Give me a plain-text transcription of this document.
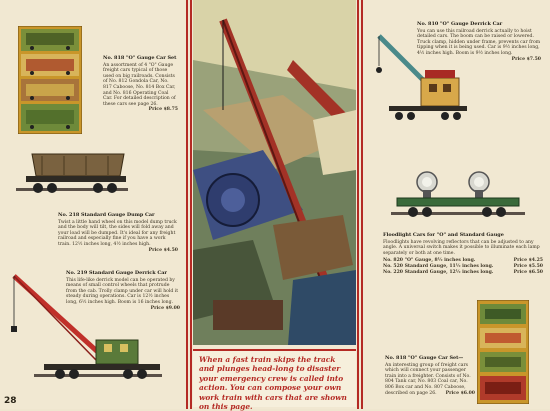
No. 818 "O" Gauge Car Set
An assortment of 4 "O" Gauge freight cars typical of those used on big railroads. Consists of No. 812 Gondola Car, No. 817 Caboose, No. 814 Box Car, and No. 816 Operating Coal Car. For detailed description of these cars see page 26.
Price $8.75
No. 218 Standard Gauge Dump Car
Twist a little hand wheel on this model dump truck and the body will tilt, the sides will fold away and your load will be dumped. It's ideal for any freight railroad and especially fine if you have a work train. 12½ inches long, 4½ inches high.
Price $4.50
No. 219 Standard Gauge Derrick Car
This life-like derrick model can be operated by means of small control wheels that protrude from the cab. Trolly clamp under car will hold it steady during operations. Car is 12½ inches long, 6½ inches high. Boom is 16 inches long.
Price $9.00
28

When a fast train skips the track and plunges head-long to disaster your emergency crew is called into action. You can compose your own work train with cars that are shown on this page.

No. 810 "O" Gauge Derrick Car
You can use this railroad derrick actually to hoist detailed cars. The boom can be raised or lowered. Truck clamp, hidden under frame, prevents car from tipping when it is being used. Car is 9½ inches long, 4½ inches high. Boom is 9½ inches long.
Price $7.50
Floodlight Cars for "O" and Standard Gauge
Floodlights have revolving reflectors that can be adjusted to any angle. A universal switch makes it possible to illuminate each lamp separately or both at one time.
No. 820 "O" Gauge, 8½ inches long.	Price $4.25
No. 520 Standard Gauge, 11½ inches long.	Price $5.50
No. 220 Standard Gauge, 12½ inches long.	Price $6.50
No. 818 "O" Gauge Car Set—
An interesting group of freight cars which will connect your passenger train into a freighter. Consists of No. 804 Tank car, No. 803 Coal car, No. 806 Box car and No. 807 Caboose, described on page 26. Price $6.00
